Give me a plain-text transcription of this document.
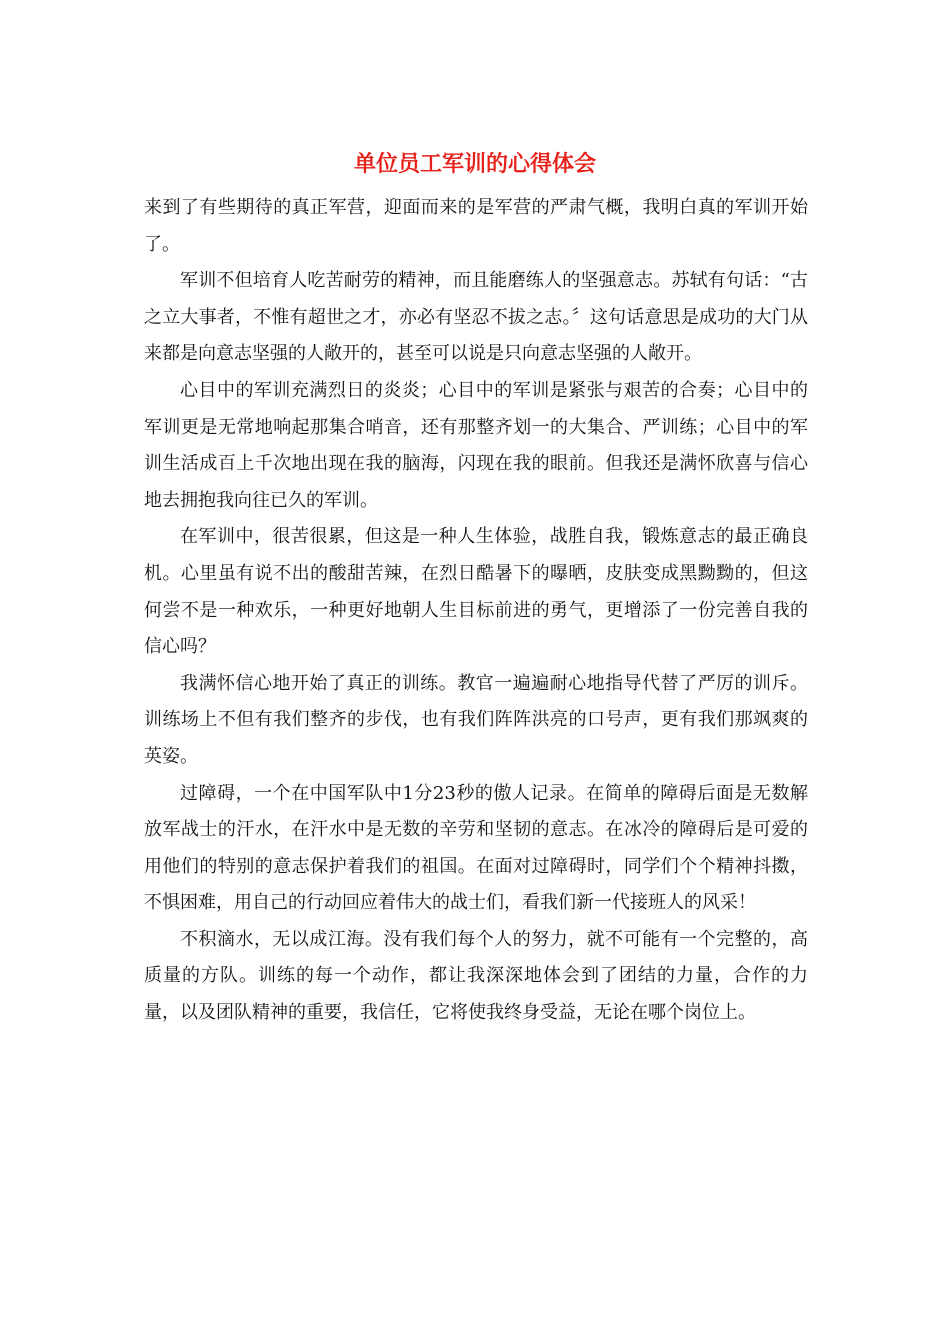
单位员工军训的心得体会

来到了有些期待的真正军营，迎面而来的是军营的严肃气概，我明白真的军训开始了。

军训不但培育人吃苦耐劳的精神，而且能磨练人的坚强意志。苏轼有句话：“古之立大事者，不惟有超世之才，亦必有坚忍不拔之志。〞这句话意思是成功的大门从来都是向意志坚强的人敞开的，甚至可以说是只向意志坚强的人敞开。

心目中的军训充满烈日的炎炎；心目中的军训是紧张与艰苦的合奏；心目中的军训更是无常地响起那集合哨音，还有那整齐划一的大集合、严训练；心目中的军训生活成百上千次地出现在我的脑海，闪现在我的眼前。但我还是满怀欣喜与信心地去拥抱我向往已久的军训。

在军训中，很苦很累，但这是一种人生体验，战胜自我，锻炼意志的最正确良机。心里虽有说不出的酸甜苦辣，在烈日酷暑下的曝晒，皮肤变成黑黝黝的，但这何尝不是一种欢乐，一种更好地朝人生目标前进的勇气，更增添了一份完善自我的信心吗？

我满怀信心地开始了真正的训练。教官一遍遍耐心地指导代替了严厉的训斥。训练场上不但有我们整齐的步伐，也有我们阵阵洪亮的口号声，更有我们那飒爽的英姿。

过障碍，一个在中国军队中1分23秒的傲人记录。在简单的障碍后面是无数解放军战士的汗水，在汗水中是无数的辛劳和坚韧的意志。在冰冷的障碍后是可爱的用他们的特别的意志保护着我们的祖国。在面对过障碍时，同学们个个精神抖擞，不惧困难，用自己的行动回应着伟大的战士们，看我们新一代接班人的风采！

不积滴水，无以成江海。没有我们每个人的努力，就不可能有一个完整的，高质量的方队。训练的每一个动作，都让我深深地体会到了团结的力量，合作的力量，以及团队精神的重要，我信任，它将使我终身受益，无论在哪个岗位上。
